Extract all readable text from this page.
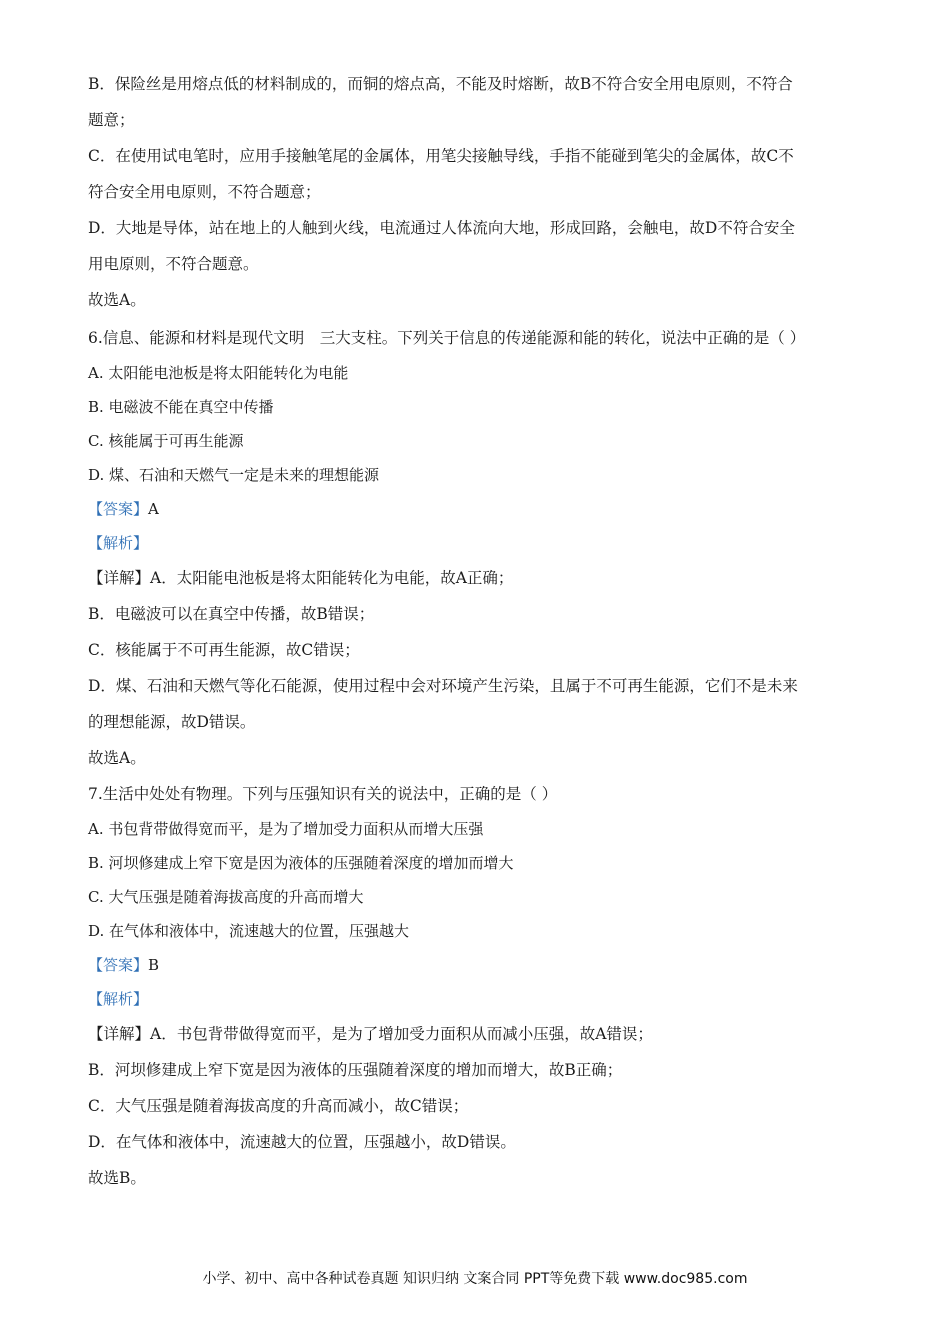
B．保险丝是用熔点低的材料制成的，而铜的熔点高，不能及时熔断，故B不符合安全用电原则，不符合

题意；

C．在使用试电笔时，应用手接触笔尾的金属体，用笔尖接触导线，手指不能碰到笔尖的金属体，故C不

符合安全用电原则，不符合题意；

D．大地是导体，站在地上的人触到火线，电流通过人体流向大地，形成回路，会触电，故D不符合安全

用电原则，不符合题意。

故选A。

6.信息、能源和材料是现代文明　三大支柱。下列关于信息的传递能源和能的转化，说法中正确的是（ ）

A. 太阳能电池板是将太阳能转化为电能

B. 电磁波不能在真空中传播

C. 核能属于可再生能源

D. 煤、石油和天燃气一定是未来的理想能源

【答案】A

【解析】

【详解】A．太阳能电池板是将太阳能转化为电能，故A正确；

B．电磁波可以在真空中传播，故B错误；

C．核能属于不可再生能源，故C错误；

D．煤、石油和天燃气等化石能源，使用过程中会对环境产生污染，且属于不可再生能源，它们不是未来

的理想能源，故D错误。

故选A。

7.生活中处处有物理。下列与压强知识有关的说法中，正确的是（ ）

A. 书包背带做得宽而平，是为了增加受力面积从而增大压强

B. 河坝修建成上窄下宽是因为液体的压强随着深度的增加而增大

C. 大气压强是随着海拔高度的升高而增大

D. 在气体和液体中，流速越大的位置，压强越大

【答案】B

【解析】

【详解】A．书包背带做得宽而平，是为了增加受力面积从而减小压强，故A错误；

B．河坝修建成上窄下宽是因为液体的压强随着深度的增加而增大，故B正确；

C．大气压强是随着海拔高度的升高而减小，故C错误；

D．在气体和液体中，流速越大的位置，压强越小，故D错误。

故选B。

小学、初中、高中各种试卷真题 知识归纳 文案合同 PPT等免费下载 www.doc985.com
